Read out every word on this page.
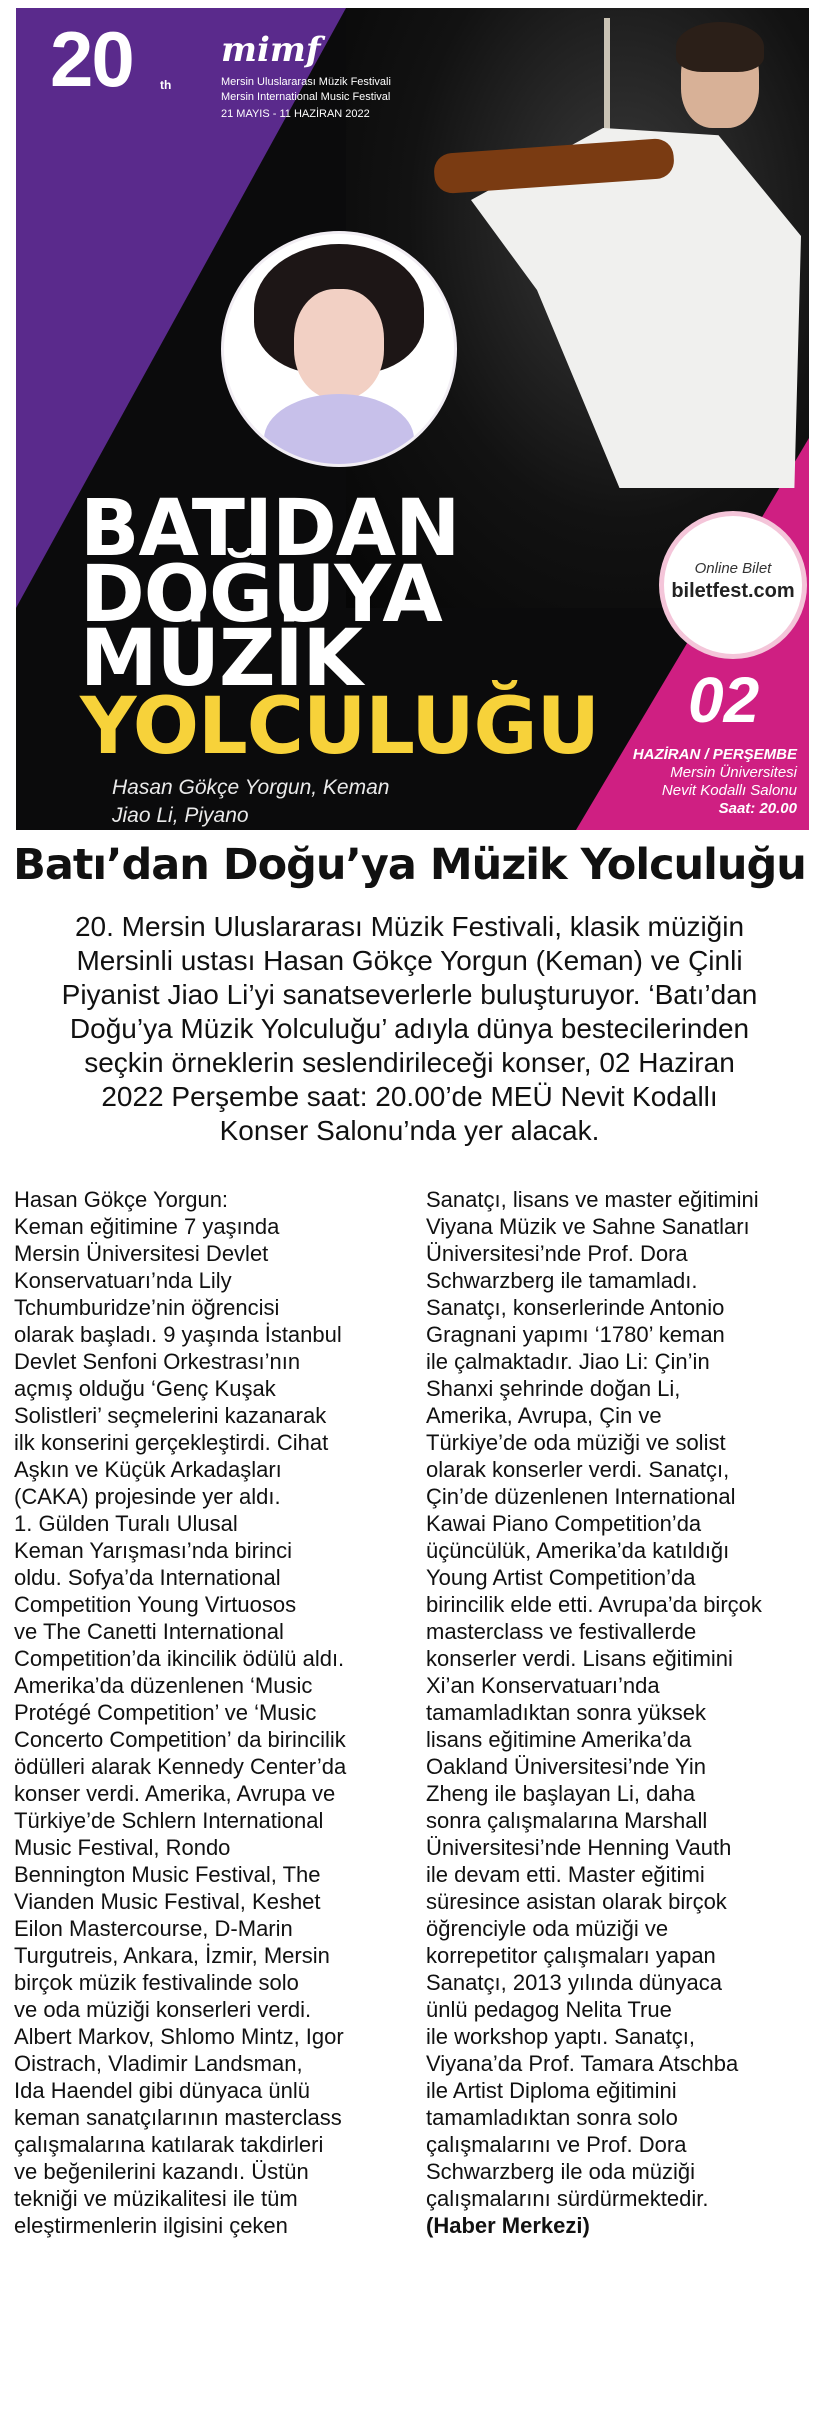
20 th
mimf
Mersin Uluslararası Müzik Festivali
Mersin International Music Festival
21 MAYIS - 11 HAZİRAN 2022
BATIDAN
DOĞUYA
MÜZİK
YOLCULUĞU
Hasan Gökçe Yorgun, Keman
Jiao Li, Piyano
Online Bilet
biletfest.com
02
HAZİRAN / PERŞEMBE
Mersin Üniversitesi
Nevit Kodallı Salonu
Saat: 20.00
Batı’dan Doğu’ya Müzik Yolculuğu
20. Mersin Uluslararası Müzik Festivali, klasik müziğin
Mersinli ustası Hasan Gökçe Yorgun (Keman) ve Çinli
Piyanist Jiao Li’yi sanatseverlerle buluşturuyor. ‘Batı’dan
Doğu’ya Müzik Yolculuğu’ adıyla dünya bestecilerinden
seçkin örneklerin seslendirileceği konser, 02 Haziran
2022 Perşembe saat: 20.00’de MEÜ Nevit Kodallı
Konser Salonu’nda yer alacak.
Hasan Gökçe Yorgun:
Keman eğitimine 7 yaşında
Mersin Üniversitesi Devlet
Konservatuarı’nda Lily
Tchumburidze’nin öğrencisi
olarak başladı. 9 yaşında İstanbul
Devlet Senfoni Orkestrası’nın
açmış olduğu ‘Genç Kuşak
Solistleri’ seçmelerini kazanarak
ilk konserini gerçekleştirdi. Cihat
Aşkın ve Küçük Arkadaşları
(CAKA) projesinde yer aldı.
1. Gülden Turalı Ulusal
Keman Yarışması’nda birinci
oldu. Sofya’da International
Competition Young Virtuosos
ve The Canetti International
Competition’da ikincilik ödülü aldı.
Amerika’da düzenlenen ‘Music
Protégé Competition’ ve ‘Music
Concerto Competition’ da birincilik
ödülleri alarak Kennedy Center’da
konser verdi. Amerika, Avrupa ve
Türkiye’de Schlern International
Music Festival, Rondo
Bennington Music Festival, The
Vianden Music Festival, Keshet
Eilon Mastercourse, D-Marin
Turgutreis, Ankara, İzmir, Mersin
birçok müzik festivalinde solo
ve oda müziği konserleri verdi.
Albert Markov, Shlomo Mintz, Igor
Oistrach, Vladimir Landsman,
Ida Haendel gibi dünyaca ünlü
keman sanatçılarının masterclass
çalışmalarına katılarak takdirleri
ve beğenilerini kazandı. Üstün
tekniği ve müzikalitesi ile tüm
eleştirmenlerin ilgisini çeken
Sanatçı, lisans ve master eğitimini
Viyana Müzik ve Sahne Sanatları
Üniversitesi’nde Prof. Dora
Schwarzberg ile tamamladı.
Sanatçı, konserlerinde Antonio
Gragnani yapımı ‘1780’ keman
ile çalmaktadır. Jiao Li: Çin’in
Shanxi şehrinde doğan Li,
Amerika, Avrupa, Çin ve
Türkiye’de oda müziği ve solist
olarak konserler verdi. Sanatçı,
Çin’de düzenlenen International
Kawai Piano Competition’da
üçüncülük, Amerika’da katıldığı
Young Artist Competition’da
birincilik elde etti. Avrupa’da birçok
masterclass ve festivallerde
konserler verdi. Lisans eğitimini
Xi’an Konservatuarı’nda
tamamladıktan sonra yüksek
lisans eğitimine Amerika’da
Oakland Üniversitesi’nde Yin
Zheng ile başlayan Li, daha
sonra çalışmalarına Marshall
Üniversitesi’nde Henning Vauth
ile devam etti. Master eğitimi
süresince asistan olarak birçok
öğrenciyle oda müziği ve
korrepetitor çalışmaları yapan
Sanatçı, 2013 yılında dünyaca
ünlü pedagog Nelita True
ile workshop yaptı. Sanatçı,
Viyana’da Prof. Tamara Atschba
ile Artist Diploma eğitimini
tamamladıktan sonra solo
çalışmalarını ve Prof. Dora
Schwarzberg ile oda müziği
çalışmalarını sürdürmektedir.
(Haber Merkezi)
